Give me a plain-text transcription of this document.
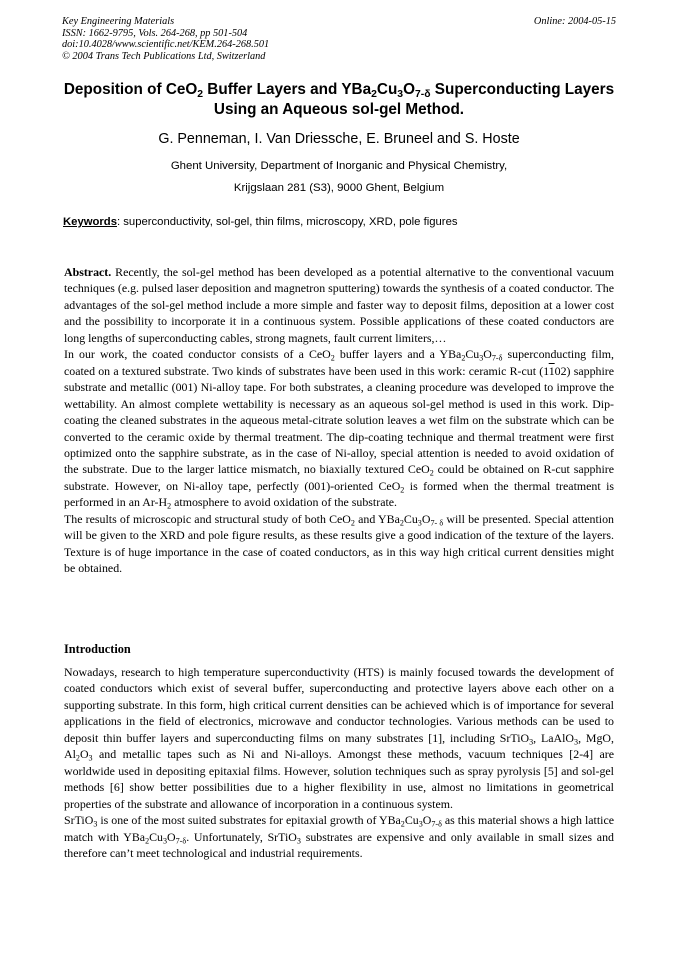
Key Engineering Materials
ISSN: 1662-9795, Vols. 264-268, pp 501-504
doi:10.4028/www.scientific.net/KEM.264-268.501
© 2004 Trans Tech Publications Ltd, Switzerland
Online: 2004-05-15
Deposition of CeO$_2$ Buffer Layers and $YBa_2Cu_3O_{7-\delta}$ Superconducting Layers Using an Aqueous sol-gel Method.
G. Penneman, I. Van Driessche, E. Bruneel and S. Hoste
Ghent University, Department of Inorganic and Physical Chemistry,
Krijgslaan 281 (S3), 9000 Ghent, Belgium
Keywords: superconductivity, sol-gel, thin films, microscopy, XRD, pole figures

Abstract. Recently, the sol-gel method has been developed as a potential alternative to the conventional vacuum techniques (e.g. pulsed laser deposition and magnetron sputtering) towards the synthesis of a coated conductor. The advantages of the sol-gel method include a more simple and faster way to deposit films, deposition at a lower cost and the possibility to incorporate it in a continuous system. Possible applications of these coated conductors are long lengths of superconducting cables, strong magnets, fault current limiters,…

In our work, the coated conductor consists of a CeO$_2$ buffer layers and a $YBa_2Cu_3O_{7-\delta}$ superconducting film, coated on a textured substrate. Two kinds of substrates have been used in this work: ceramic R-cut (1102) sapphire substrate and metallic (001) Ni-alloy tape. For both substrates, a cleaning procedure was developed to improve the wettability. An almost complete wettability is necessary as an aqueous sol-gel method is used in this work. Dip-coating the cleaned substrates in the aqueous metal-citrate solution leaves a wet film on the substrate which can be converted to the ceramic oxide by thermal treatment. The dip-coating technique and thermal treatment were first optimized onto the sapphire substrate, as in the case of Ni-alloy, special attention is needed to avoid oxidation of the substrate. Due to the larger lattice mismatch, no biaxially textured CeO$_2$ could be obtained on R-cut sapphire substrate. However, on Ni-alloy tape, perfectly (001)-oriented CeO$_2$ is formed when the thermal treatment is performed in an $Ar-H_2$ atmosphere to avoid oxidation of the substrate.

The results of microscopic and structural study of both CeO$_2$ and $YBa_2Cu_3O_{7- \delta}$ will be presented. Special attention will be given to the XRD and pole figure results, as these results give a good indication of the texture of the layers. Texture is of huge importance in the case of coated conductors, as in this way high critical current densities might be obtained.

Introduction

Nowadays, research to high temperature superconductivity (HTS) is mainly focused towards the development of coated conductors which exist of several buffer, superconducting and protective layers above each other on a supporting substrate. In this form, high critical current densities can be achieved which is of importance for several applications in the field of electronics, microwave and conductor technologies. Various methods can be used to deposit thin buffer layers and superconducting films on many substrates [1], including SrTiO$_3$, LaAlO$_3$, MgO, $Al_2O_3$ and metallic tapes such as Ni and Ni-alloys. Amongst these methods, vacuum techniques [2-4] are worldwide used in depositing epitaxial films. However, solution techniques such as spray pyrolysis [5] and sol-gel methods [6] show better possibilities due to a higher flexibility in use, almost no limitations in geometrical properties of the substrate and allowance of incorporation in a continuous system.

SrTiO$_3$ is one of the most suited substrates for epitaxial growth of $YBa_2Cu_3O_{7-\delta}$ as this material shows a high lattice match with $YBa_2Cu_3O_{7-\delta}$. Unfortunately, SrTiO$_3$ substrates are expensive and only available in small sizes and therefore can’t meet technological and industrial requirements.
